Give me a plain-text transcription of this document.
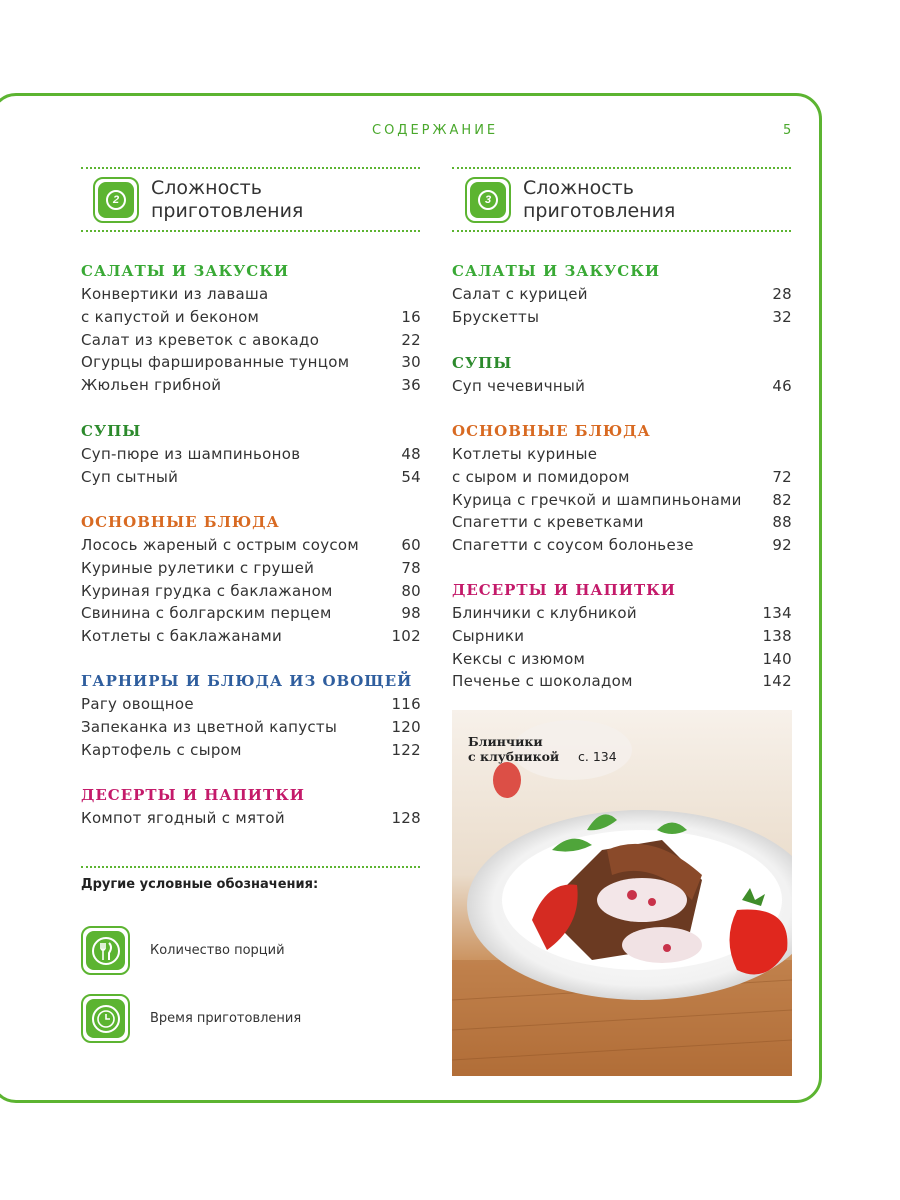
СОДЕРЖАНИЕ	5
2
Сложность
приготовления	3
Сложность
приготовления
САЛАТЫ И ЗАКУСКИ
Конвертики из лаваша
с капустой и беконом	16
Салат из креветок с авокадо	22
Огурцы фаршированные тунцом	30
Жюльен грибной	36
СУПЫ
Суп-пюре из шампиньонов	48
Суп сытный	54
ОСНОВНЫЕ БЛЮДА
Лосось жареный с острым соусом	60
Куриные рулетики с грушей	78
Куриная грудка с баклажаном	80
Свинина с болгарским перцем	98
Котлеты с баклажанами	102
ГАРНИРЫ И БЛЮДА ИЗ ОВОЩЕЙ
Рагу овощное	116
Запеканка из цветной капусты	120
Картофель с сыром	122
ДЕСЕРТЫ И НАПИТКИ
Компот ягодный с мятой	128
САЛАТЫ И ЗАКУСКИ
Салат с курицей	28
Брускетты	32
СУПЫ
Суп чечевичный	46
ОСНОВНЫЕ БЛЮДА
Котлеты куриные
с сыром и помидором	72
Курица с гречкой и шампиньонами 82
Спагетти с креветками	88
Спагетти с соусом болоньезе	92
ДЕСЕРТЫ И НАПИТКИ
Блинчики с клубникой	134
Сырники	138
Кексы с изюмом	140
Печенье с шоколадом	142
Другие условные обозначения:
Количество порций
Время приготовления
Блинчики
с клубникой с. 134
